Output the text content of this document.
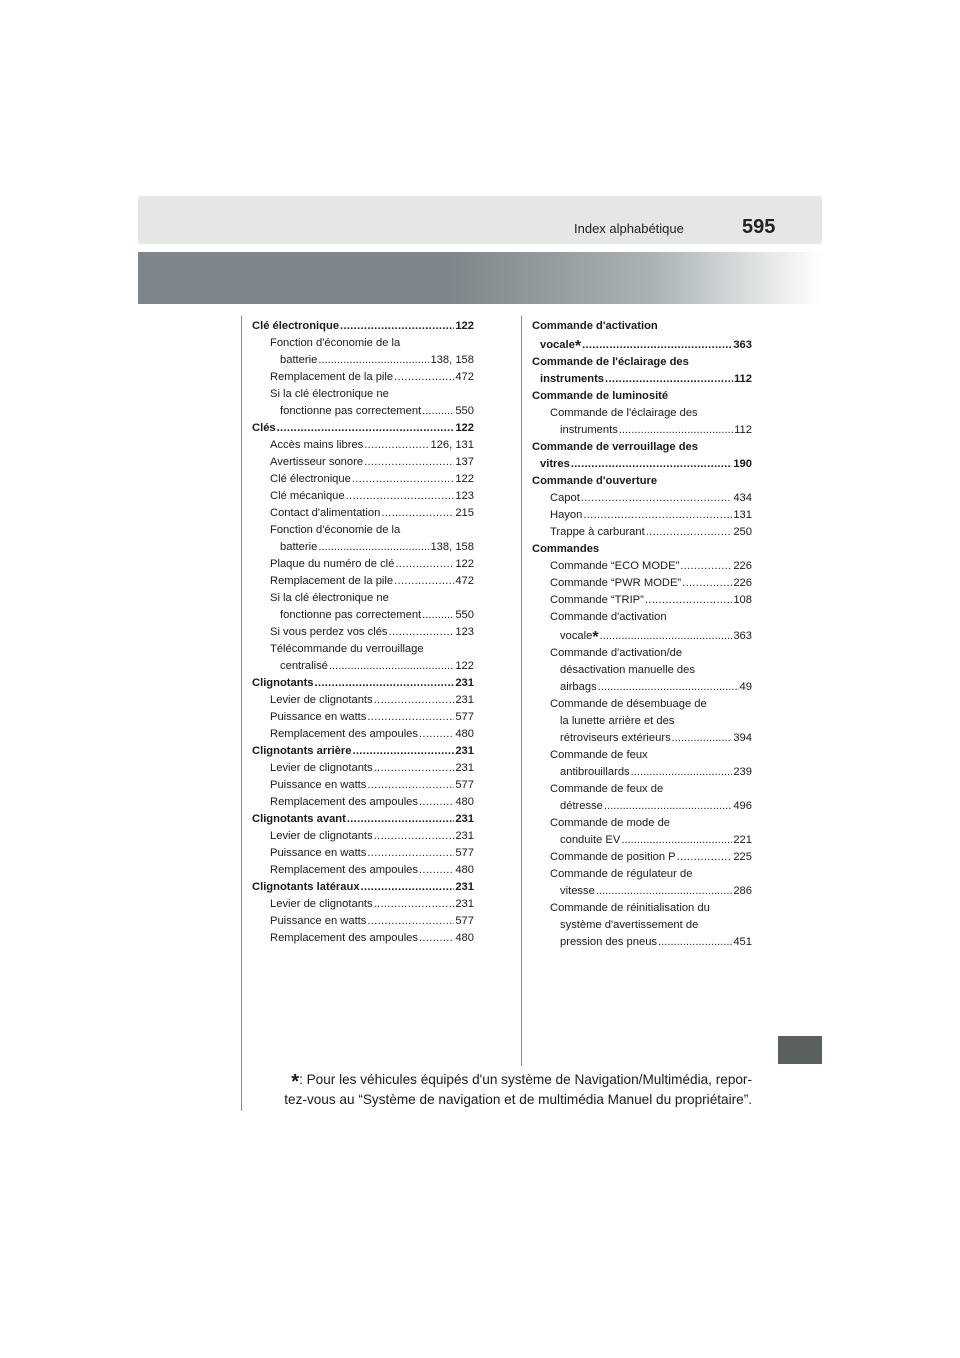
Index alphabétique	595
Clé électronique .....	122
Fonction d'économie de la
batterie .....	138, 158
Remplacement de la pile .....	472
Si la clé électronique ne
fonctionne pas correctement .....	550
Clés .....	122
Accès mains libres .....	126, 131
Avertisseur sonore .....	137
Clé électronique .....	122
Clé mécanique .....	123
Contact d'alimentation .....	215
Fonction d'économie de la
batterie .....	138, 158
Plaque du numéro de clé .....	122
Remplacement de la pile .....	472
Si la clé électronique ne
fonctionne pas correctement .....	550
Si vous perdez vos clés .....	123
Télécommande du verrouillage
centralisé .....	122
Clignotants .....	231
Levier de clignotants .....	231
Puissance en watts .....	577
Remplacement des ampoules .....	480
Clignotants arrière .....	231
Levier de clignotants .....	231
Puissance en watts .....	577
Remplacement des ampoules .....	480
Clignotants avant .....	231
Levier de clignotants .....	231
Puissance en watts .....	577
Remplacement des ampoules .....	480
Clignotants latéraux .....	231
Levier de clignotants .....	231
Puissance en watts .....	577
Remplacement des ampoules .....	480
Commande d'activation
vocale* .....	363
Commande de l'éclairage des
instruments .....	112
Commande de luminosité
Commande de l'éclairage des
instruments .....	112
Commande de verrouillage des
vitres .....	190
Commande d'ouverture
Capot .....	434
Hayon .....	131
Trappe à carburant .....	250
Commandes
Commande “ECO MODE” .....	226
Commande “PWR MODE” .....	226
Commande “TRIP” .....	108
Commande d'activation
vocale* .....	363
Commande d'activation/de
désactivation manuelle des
airbags .....	49
Commande de désembuage de
la lunette arrière et des
rétroviseurs extérieurs .....	394
Commande de feux
antibrouillards .....	239
Commande de feux de
détresse .....	496
Commande de mode de
conduite EV .....	221
Commande de position P .....	225
Commande de régulateur de
vitesse .....	286
Commande de réinitialisation du
système d'avertissement de
pression des pneus .....	451
*: Pour les véhicules équipés d'un système de Navigation/Multimédia, repor-
tez-vous au “Système de navigation et de multimédia Manuel du propriétaire”.
